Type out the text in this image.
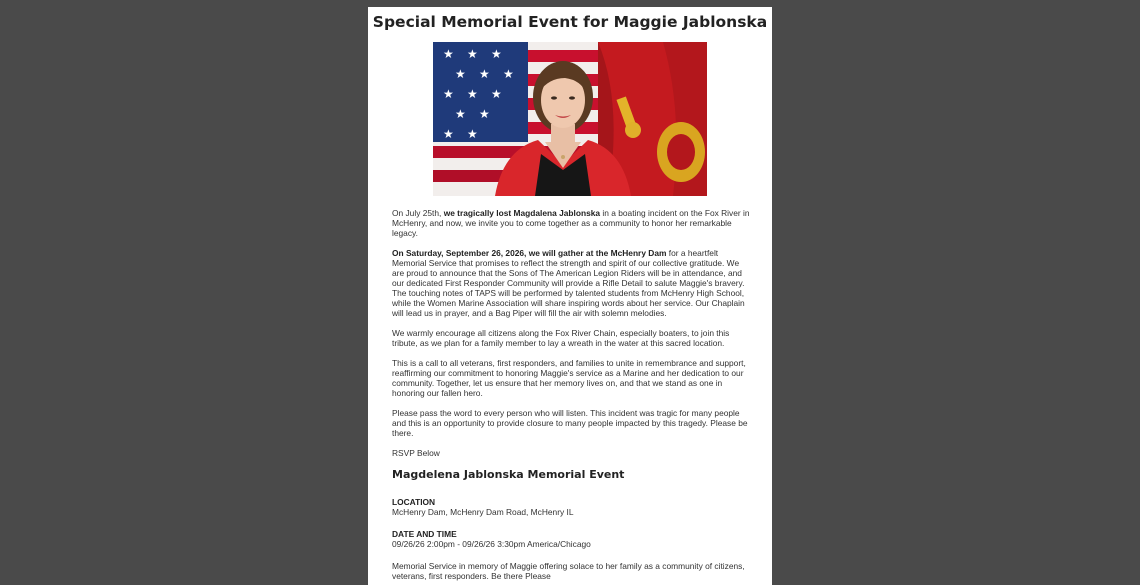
Special Memorial Event for Maggie Jablonska
★ ★ ★
★ ★ ★
★ ★ ★
★ ★
★ ★

On July 25th, we tragically lost Magdalena Jablonska in a boating incident on the Fox River in McHenry, and now, we invite you to come together as a community to honor her remarkable legacy.

On Saturday, September 26, 2026, we will gather at the McHenry Dam for a heartfelt Memorial Service that promises to reflect the strength and spirit of our collective gratitude. We are proud to announce that the Sons of The American Legion Riders will be in attendance, and our dedicated First Responder Community will provide a Rifle Detail to salute Maggie's bravery. The touching notes of TAPS will be performed by talented students from McHenry High School, while the Women Marine Association will share inspiring words about her service. Our Chaplain will lead us in prayer, and a Bag Piper will fill the air with solemn melodies.

We warmly encourage all citizens along the Fox River Chain, especially boaters, to join this tribute, as we plan for a family member to lay a wreath in the water at this sacred location.

This is a call to all veterans, first responders, and families to unite in remembrance and support, reaffirming our commitment to honoring Maggie's service as a Marine and her dedication to our community. Together, let us ensure that her memory lives on, and that we stand as one in honoring our fallen hero.

Please pass the word to every person who will listen. This incident was tragic for many people and this is an opportunity to provide closure to many people impacted by this tragedy. Please be there.

RSVP Below

Magdelena Jablonska Memorial Event
LOCATION
McHenry Dam, McHenry Dam Road, McHenry IL
DATE AND TIME
09/26/26 2:00pm - 09/26/26 3:30pm America/Chicago
Memorial Service in memory of Maggie offering solace to her family as a community of citizens, veterans, first responders. Be there Please
